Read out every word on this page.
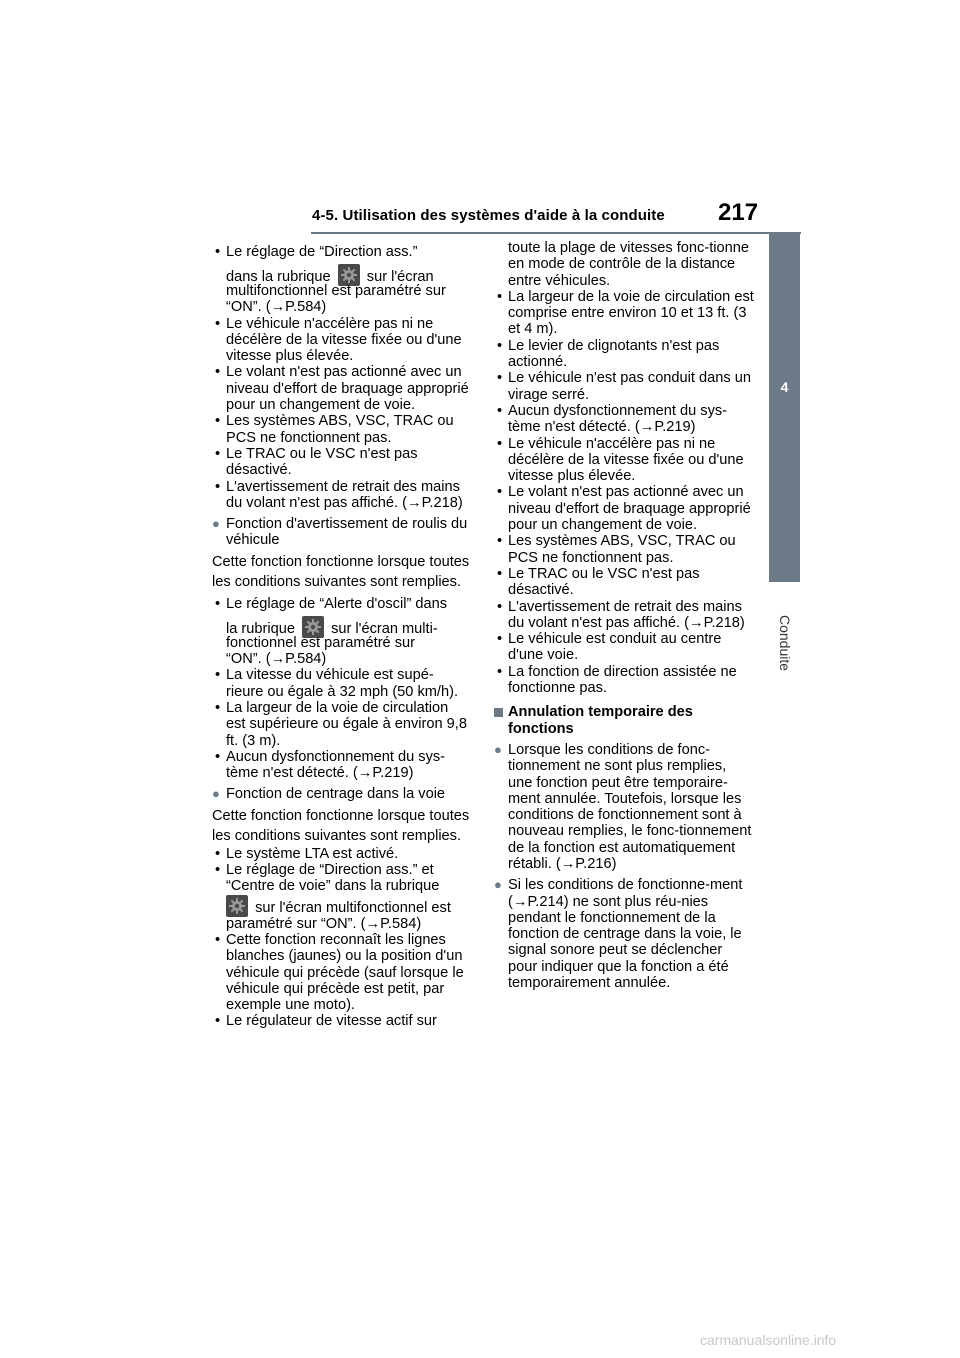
4-5. Utilisation des systèmes d'aide à la conduite 217
4
Conduite
• Le réglage de “Direction ass.”
dans la rubrique sur l'écran
multifonctionnel est paramétré sur
“ON”. (→P.584)

• Le véhicule n'accélère pas ni ne décélère de la vitesse fixée ou d'une vitesse plus élevée.

• Le volant n'est pas actionné avec un niveau d'effort de braquage approprié pour un changement de voie.

• Les systèmes ABS, VSC, TRAC ou PCS ne fonctionnent pas.

• Le TRAC ou le VSC n'est pas désactivé.

• L'avertissement de retrait des mains du volant n'est pas affiché. (→P.218)

● Fonction d'avertissement de roulis du véhicule

Cette fonction fonctionne lorsque toutes les conditions suivantes sont remplies.

• Le réglage de “Alerte d'oscil” dans
la rubrique sur l'écran multi-
fonctionnel est paramétré sur
“ON”. (→P.584)

• La vitesse du véhicule est supé-rieure ou égale à 32 mph (50 km/h).

• La largeur de la voie de circulation est supérieure ou égale à environ 9,8 ft. (3 m).

• Aucun dysfonctionnement du sys-tème n'est détecté. (→P.219)

● Fonction de centrage dans la voie

Cette fonction fonctionne lorsque toutes les conditions suivantes sont remplies.

• Le système LTA est activé.

• Le réglage de “Direction ass.” et “Centre de voie” dans la rubrique

sur l'écran multifonctionnel est

paramétré sur “ON”. (→P.584)

• Cette fonction reconnaît les lignes blanches (jaunes) ou la position d'un véhicule qui précède (sauf lorsque le véhicule qui précède est petit, par exemple une moto).

• Le régulateur de vitesse actif sur

toute la plage de vitesses fonc-tionne en mode de contrôle de la distance entre véhicules.

• La largeur de la voie de circulation est comprise entre environ 10 et 13 ft. (3 et 4 m).

• Le levier de clignotants n'est pas actionné.

• Le véhicule n'est pas conduit dans un virage serré.

• Aucun dysfonctionnement du sys-tème n'est détecté. (→P.219)

• Le véhicule n'accélère pas ni ne décélère de la vitesse fixée ou d'une vitesse plus élevée.

• Le volant n'est pas actionné avec un niveau d'effort de braquage approprié pour un changement de voie.

• Les systèmes ABS, VSC, TRAC ou PCS ne fonctionnent pas.

• Le TRAC ou le VSC n'est pas désactivé.

• L'avertissement de retrait des mains du volant n'est pas affiché. (→P.218)

• Le véhicule est conduit au centre d'une voie.

• La fonction de direction assistée ne fonctionne pas.

Annulation temporaire des fonctions

● Lorsque les conditions de fonc-tionnement ne sont plus remplies, une fonction peut être temporaire-ment annulée. Toutefois, lorsque les conditions de fonctionnement sont à nouveau remplies, le fonc-tionnement de la fonction est automatiquement rétabli. (→P.216)

● Si les conditions de fonctionne-ment (→P.214) ne sont plus réu-nies pendant le fonctionnement de la fonction de centrage dans la voie, le signal sonore peut se déclencher pour indiquer que la fonction a été temporairement annulée.

carmanualsonline.info
